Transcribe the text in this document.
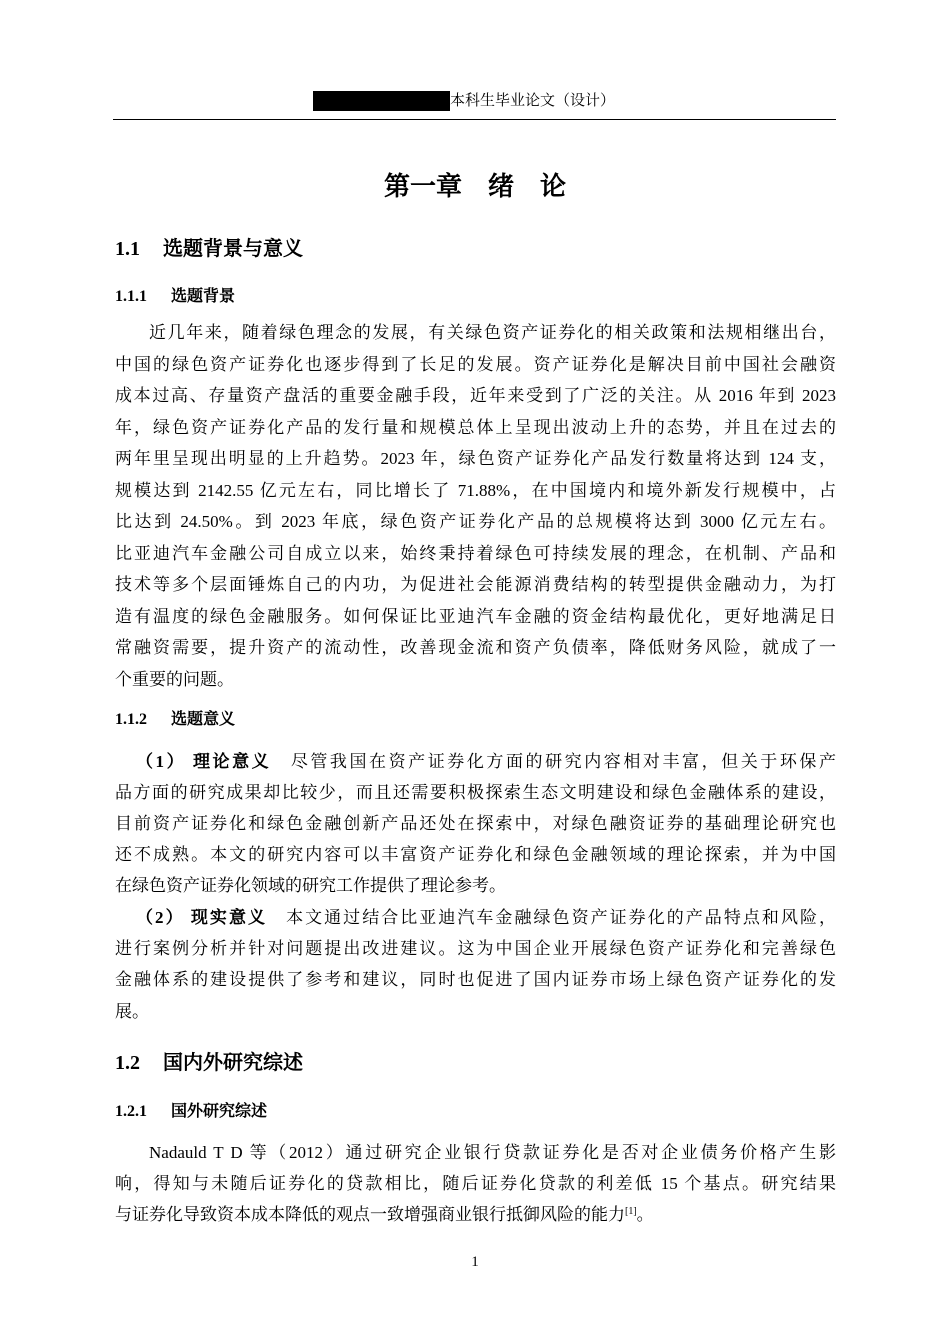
本科生毕业论文（设计）
第一章　绪　论
1.1 选题背景与意义
1.1.1 选题背景
近几年来，随着绿色理念的发展，有关绿色资产证券化的相关政策和法规相继出台，
中国的绿色资产证券化也逐步得到了长足的发展。资产证券化是解决目前中国社会融资
成本过高、存量资产盘活的重要金融手段，近年来受到了广泛的关注。从 2016 年到 2023
年，绿色资产证券化产品的发行量和规模总体上呈现出波动上升的态势，并且在过去的
两年里呈现出明显的上升趋势。2023 年，绿色资产证券化产品发行数量将达到 124 支，
规模达到 2142.55 亿元左右，同比增长了 71.88%，在中国境内和境外新发行规模中，占
比达到 24.50%。到 2023 年底，绿色资产证券化产品的总规模将达到 3000 亿元左右。
比亚迪汽车金融公司自成立以来，始终秉持着绿色可持续发展的理念，在机制、产品和
技术等多个层面锤炼自己的内功，为促进社会能源消费结构的转型提供金融动力，为打
造有温度的绿色金融服务。如何保证比亚迪汽车金融的资金结构最优化，更好地满足日
常融资需要，提升资产的流动性，改善现金流和资产负债率，降低财务风险，就成了一
个重要的问题。
1.1.2 选题意义
（1） 理论意义  尽管我国在资产证券化方面的研究内容相对丰富，但关于环保产
品方面的研究成果却比较少，而且还需要积极探索生态文明建设和绿色金融体系的建设，
目前资产证券化和绿色金融创新产品还处在探索中，对绿色融资证券的基础理论研究也
还不成熟。本文的研究内容可以丰富资产证券化和绿色金融领域的理论探索，并为中国
在绿色资产证券化领域的研究工作提供了理论参考。
（2） 现实意义  本文通过结合比亚迪汽车金融绿色资产证券化的产品特点和风险，
进行案例分析并针对问题提出改进建议。这为中国企业开展绿色资产证券化和完善绿色
金融体系的建设提供了参考和建议，同时也促进了国内证券市场上绿色资产证券化的发
展。
1.2 国内外研究综述
1.2.1 国外研究综述
Nadauld T D 等（2012）通过研究企业银行贷款证券化是否对企业债务价格产生影
响，得知与未随后证券化的贷款相比，随后证券化贷款的利差低 15 个基点。研究结果
与证券化导致资本成本降低的观点一致增强商业银行抵御风险的能力[1]。
1
